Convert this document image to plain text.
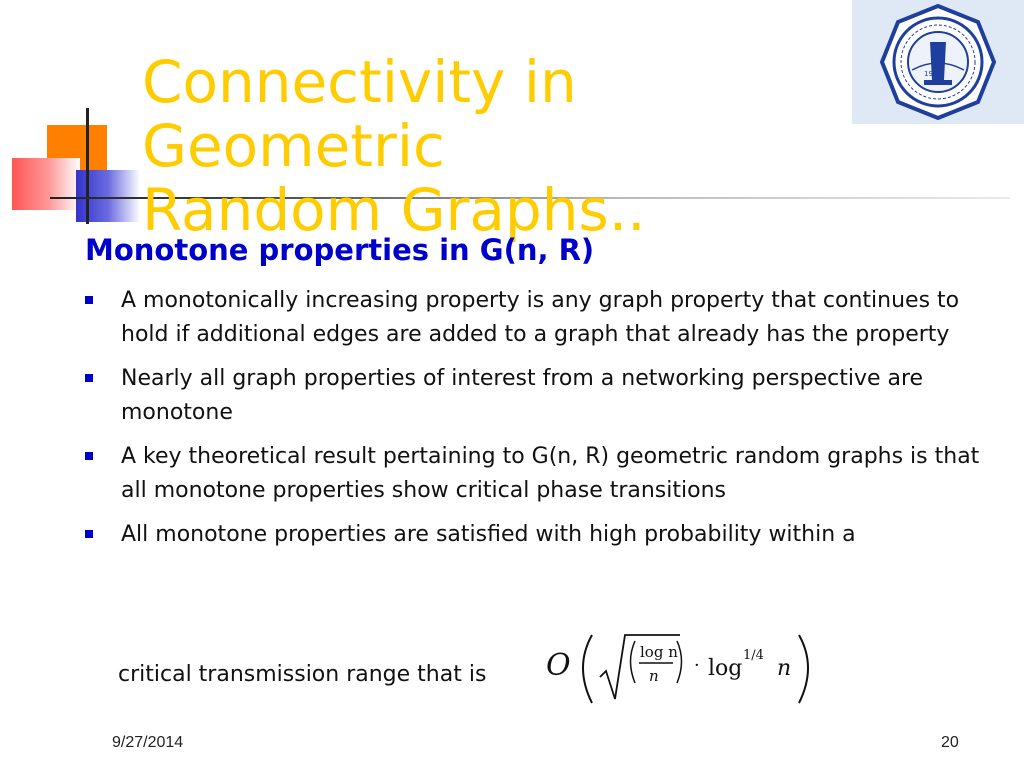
Connectivity in Geometric
Random Graphs..
1963
Monotone properties in G(n, R)
A monotonically increasing property is any graph property that continues to hold if additional edges are added to a graph that already has the property
Nearly all graph properties of interest from a networking perspective are monotone
A key theoretical result pertaining to G(n, R) geometric random graphs is that all monotone properties show critical phase transitions
All monotone properties are satisfied with high probability within a
critical transmission range that is O	log n
n · log
1/4
n
9/27/2014	20
